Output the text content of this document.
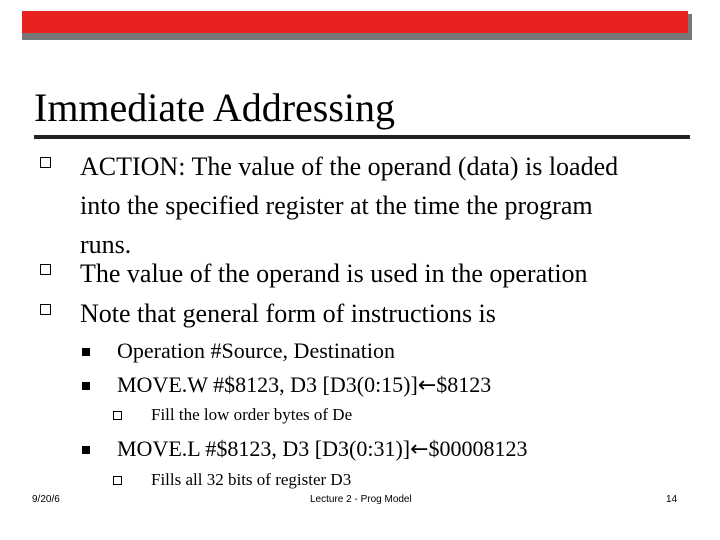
Immediate Addressing
ACTION: The value of the operand (data) is loaded
into the specified register at the time the program
runs.
The value of the operand is used in the operation
Note that general form of instructions is
Operation #Source, Destination
MOVE.W #$8123, D3 [D3(0:15)]←$8123
Fill the low order bytes of De
MOVE.L #$8123, D3 [D3(0:31)]←$00008123
Fills all 32 bits of register D3
9/20/6	Lecture 2 - Prog Model	14
